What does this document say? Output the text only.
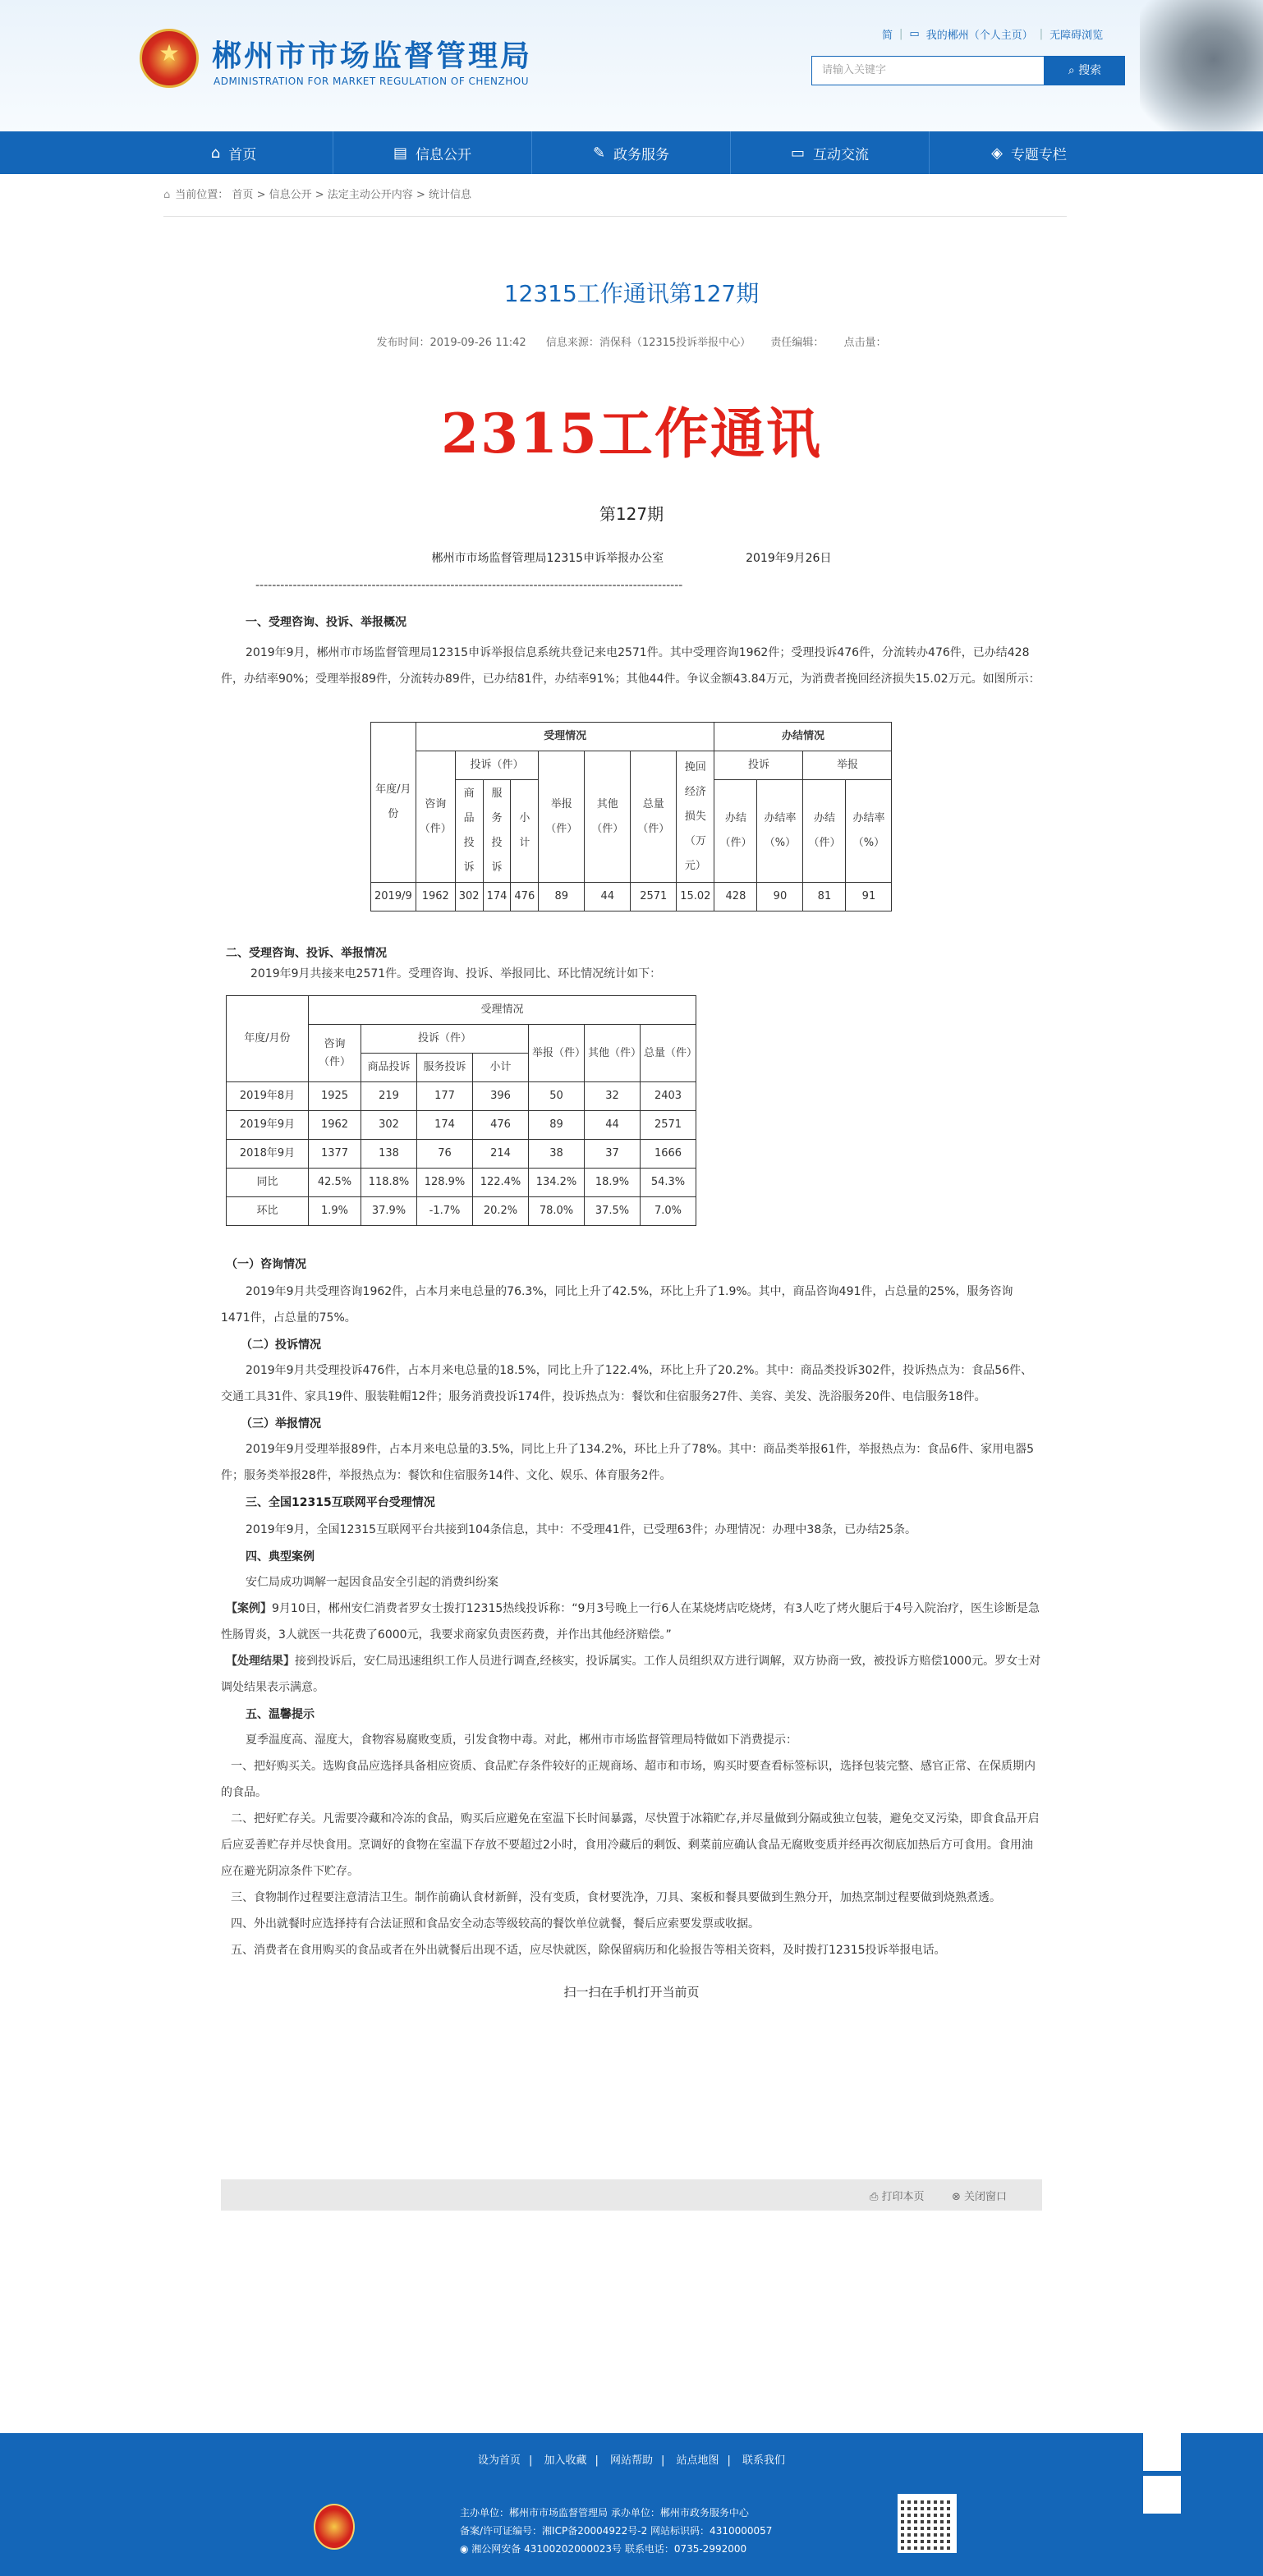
★	郴州市市场监督管理局
ADMINISTRATION FOR MARKET REGULATION OF CHENZHOU
简 | ▭ 我的郴州（个人主页） | 无障碍浏览
请输入关键字	⌕ 搜索
⌂ 首页	▤ 信息公开	✎ 政务服务	▭ 互动交流	◈ 专题专栏
⌂ 当前位置： 首页 > 信息公开 > 法定主动公开内容 > 统计信息
12315工作通讯第127期
发布时间：2019-09-26 11:42 信息来源：消保科（12315投诉举报中心） 责任编辑： 点击量：
2315工作通讯
第127期
郴州市市场监督管理局12315申诉举报办公室	2019年9月26日
-------------------------------------------------------------------------------------------------------
一、受理咨询、投诉、举报概况
2019年9月，郴州市市场监督管理局12315申诉举报信息系统共登记来电2571件。其中受理咨询1962件；受理投诉476件，分流转办476件，已办结428件，办结率90%；受理举报89件，分流转办89件，已办结81件，办结率91%；其他44件。争议金额43.84万元，为消费者挽回经济损失15.02万元。如图所示：
年度/月份	受理情况								办结情况			
	咨询（件）	投诉（件）			举报（件）	其他（件）	总量（件）	挽回经济损失（万元）	投诉		举报	
		商品投诉	服务投诉	小计					办结（件）	办结率（%）	办结（件）	办结率（%）
2019/9	1962	302	174	476	89	44	2571	15.02	428	90	81	91
二、受理咨询、投诉、举报情况
2019年9月共接来电2571件。受理咨询、投诉、举报同比、环比情况统计如下：
年度/月份	受理情况						
	咨询（件）	投诉（件）			举报（件）	其他（件）	总量（件）
		商品投诉	服务投诉	小计			
2019年8月	1925	219	177	396	50	32	2403
2019年9月	1962	302	174	476	89	44	2571
2018年9月	1377	138	76	214	38	37	1666
同比	42.5%	118.8%	128.9%	122.4%	134.2%	18.9%	54.3%
环比	1.9%	37.9%	-1.7%	20.2%	78.0%	37.5%	7.0%
（一）咨询情况
2019年9月共受理咨询1962件，占本月来电总量的76.3%，同比上升了42.5%，环比上升了1.9%。其中，商品咨询491件，占总量的25%，服务咨询1471件，占总量的75%。
（二）投诉情况
2019年9月共受理投诉476件，占本月来电总量的18.5%，同比上升了122.4%，环比上升了20.2%。其中：商品类投诉302件，投诉热点为：食品56件、交通工具31件、家具19件、服装鞋帽12件；服务消费投诉174件，投诉热点为：餐饮和住宿服务27件、美容、美发、洗浴服务20件、电信服务18件。
（三）举报情况
2019年9月受理举报89件，占本月来电总量的3.5%，同比上升了134.2%，环比上升了78%。其中：商品类举报61件，举报热点为：食品6件、家用电器5件；服务类举报28件，举报热点为：餐饮和住宿服务14件、文化、娱乐、体育服务2件。
三、全国12315互联网平台受理情况
2019年9月，全国12315互联网平台共接到104条信息，其中：不受理41件，已受理63件；办理情况：办理中38条，已办结25条。
四、典型案例
安仁局成功调解一起因食品安全引起的消费纠纷案
【案例】9月10日，郴州安仁消费者罗女士拨打12315热线投诉称：“9月3号晚上一行6人在某烧烤店吃烧烤，有3人吃了烤火腿后于4号入院治疗，医生诊断是急性肠胃炎，3人就医一共花费了6000元，我要求商家负责医药费，并作出其他经济赔偿。”
【处理结果】接到投诉后，安仁局迅速组织工作人员进行调查,经核实，投诉属实。工作人员组织双方进行调解，双方协商一致，被投诉方赔偿1000元。罗女士对调处结果表示满意。
五、温馨提示
夏季温度高、湿度大，食物容易腐败变质，引发食物中毒。对此，郴州市市场监督管理局特做如下消费提示：
一、把好购买关。选购食品应选择具备相应资质、食品贮存条件较好的正规商场、超市和市场，购买时要查看标签标识，选择包装完整、感官正常、在保质期内的食品。
二、把好贮存关。凡需要冷藏和冷冻的食品，购买后应避免在室温下长时间暴露，尽快置于冰箱贮存,并尽量做到分隔或独立包装，避免交叉污染，即食食品开启后应妥善贮存并尽快食用。烹调好的食物在室温下存放不要超过2小时，食用冷藏后的剩饭、剩菜前应确认食品无腐败变质并经再次彻底加热后方可食用。食用油应在避光阴凉条件下贮存。
三、食物制作过程要注意清洁卫生。制作前确认食材新鲜，没有变质，食材要洗净，刀具、案板和餐具要做到生熟分开，加热烹制过程要做到烧熟煮透。
四、外出就餐时应选择持有合法证照和食品安全动态等级较高的餐饮单位就餐，餐后应索要发票或收据。
五、消费者在食用购买的食品或者在外出就餐后出现不适，应尽快就医，除保留病历和化验报告等相关资料，及时拨打12315投诉举报电话。
扫一扫在手机打开当前页
⎙ 打印本页	⊗ 关闭窗口
设为首页 | 加入收藏 | 网站帮助 | 站点地图 | 联系我们
主办单位：郴州市市场监督管理局 承办单位：郴州市政务服务中心
备案/许可证编号：湘ICP备20004922号-2 网站标识码：4310000057
◉ 湘公网安备 43100202000023号 联系电话：0735-2992000
